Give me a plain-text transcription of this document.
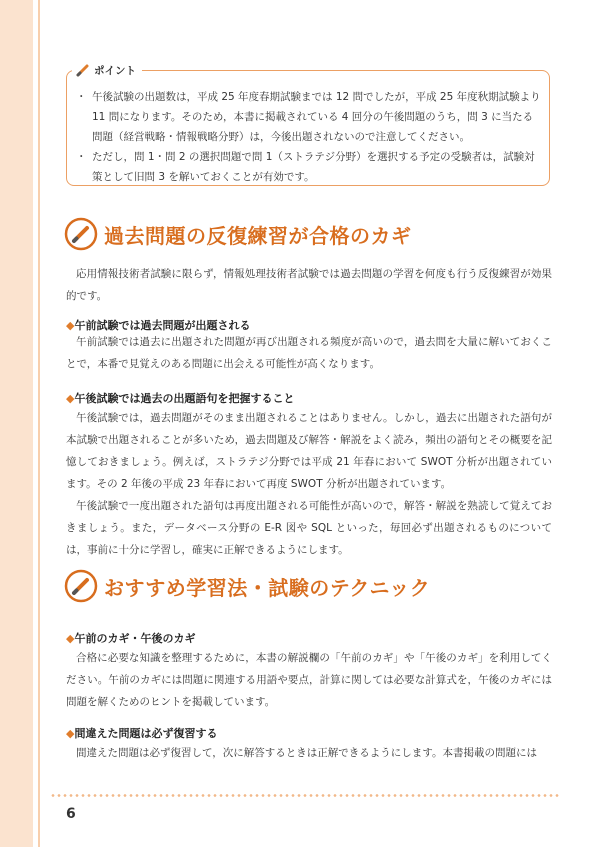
ポイント
・ 午後試験の出題数は，平成 25 年度春期試験までは 12 問でしたが，平成 25 年度秋期試験より 11 問になります。そのため，本書に掲載されている 4 回分の午後問題のうち，問 3 に当たる問題（経営戦略・情報戦略分野）は，今後出題されないので注意してください。
・ ただし，問 1・問 2 の選択問題で問 1（ストラテジ分野）を選択する予定の受験者は，試験対策として旧問 3 を解いておくことが有効です。
過去問題の反復練習が合格のカギ

応用情報技術者試験に限らず，情報処理技術者試験では過去問題の学習を何度も行う反復練習が効果的です。

◆午前試験では過去問題が出題される

午前試験では過去に出題された問題が再び出題される頻度が高いので，過去問を大量に解いておくことで，本番で見覚えのある問題に出会える可能性が高くなります。

◆午後試験では過去の出題語句を把握すること

午後試験では，過去問題がそのまま出題されることはありません。しかし，過去に出題された語句が本試験で出題されることが多いため，過去問題及び解答・解説をよく読み，頻出の語句とその概要を記憶しておきましょう。例えば，ストラテジ分野では平成 21 年春において SWOT 分析が出題されています。その 2 年後の平成 23 年春において再度 SWOT 分析が出題されています。

午後試験で一度出題された語句は再度出題される可能性が高いので，解答・解説を熟読して覚えておきましょう。また，データベース分野の E-R 図や SQL といった，毎回必ず出題されるものについては，事前に十分に学習し，確実に正解できるようにします。

おすすめ学習法・試験のテクニック
◆午前のカギ・午後のカギ

合格に必要な知識を整理するために，本書の解説欄の「午前のカギ」や「午後のカギ」を利用してください。午前のカギには問題に関連する用語や要点，計算に関しては必要な計算式を，午後のカギには問題を解くためのヒントを掲載しています。

◆間違えた問題は必ず復習する

間違えた問題は必ず復習して，次に解答するときは正解できるようにします。本書掲載の問題には

6
